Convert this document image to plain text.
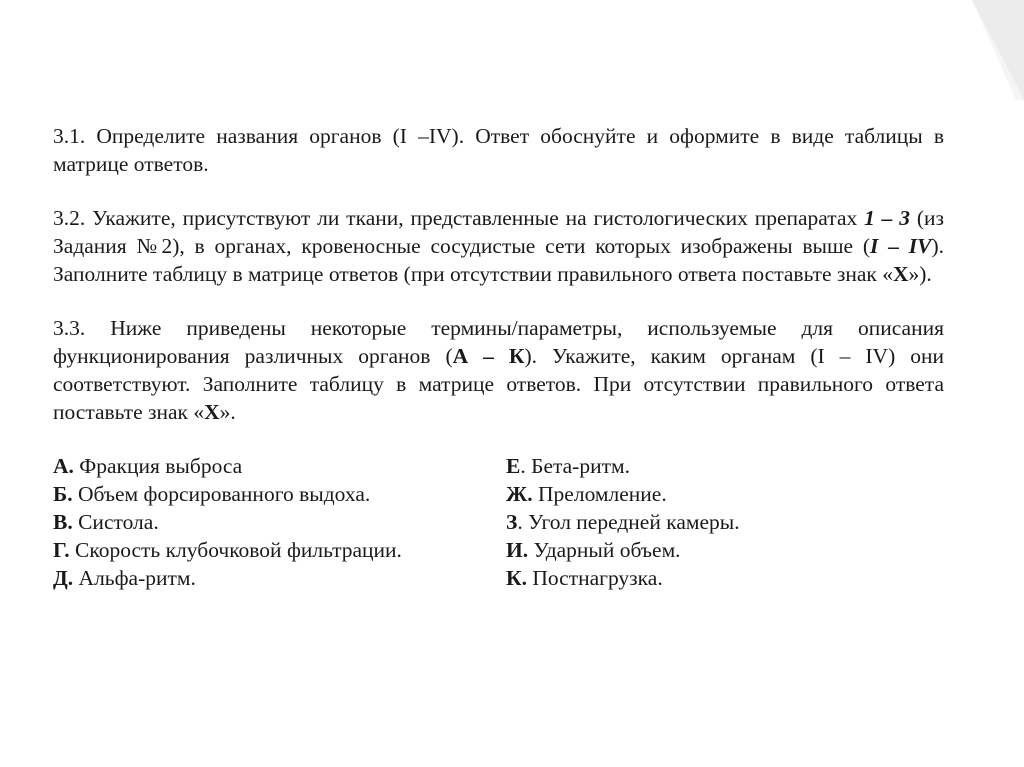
3.1. Определите названия органов (I –IV). Ответ обоснуйте и оформите в виде таблицы в матрице ответов.

3.2. Укажите, присутствуют ли ткани, представленные на гистологических препаратах 1 – 3 (из Задания №2), в органах, кровеносные сосудистые сети которых изображены выше (I – IV). Заполните таблицу в матрице ответов (при отсутствии правильного ответа поставьте знак «Х»).

3.3. Ниже приведены некоторые термины/параметры, используемые для описания функционирования различных органов (А – К). Укажите, каким органам (I – IV) они соответствуют. Заполните таблицу в матрице ответов. При отсутствии правильного ответа поставьте знак «Х».

А. Фракция выброса
Б. Объем форсированного выдоха.
В. Систола.
Г. Скорость клубочковой фильтрации.
Д. Альфа-ритм.
Е. Бета-ритм.
Ж. Преломление.
З. Угол передней камеры.
И. Ударный объем.
К. Постнагрузка.
